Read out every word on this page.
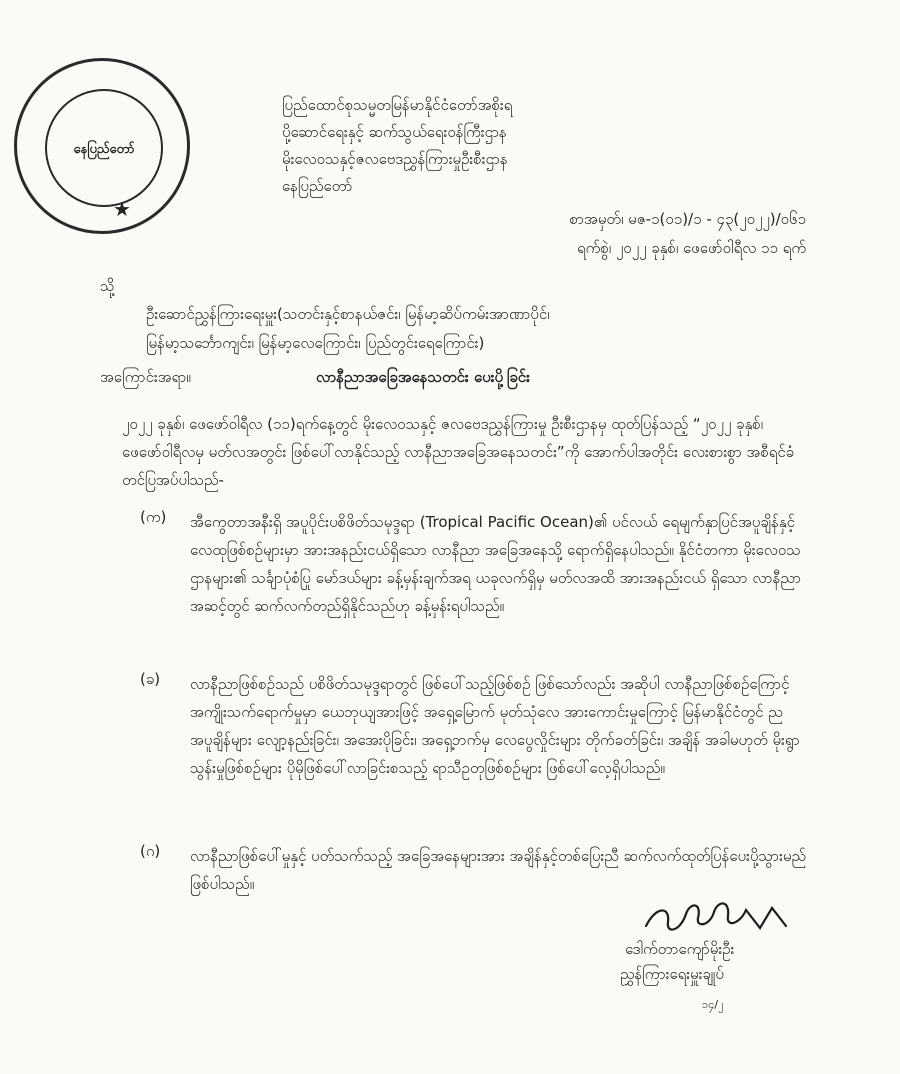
နေပြည်တော်
★
ပြည်ထောင်စုသမ္မတမြန်မာနိုင်ငံတော်အစိုးရ
ပို့ဆောင်ရေးနှင့် ဆက်သွယ်ရေးဝန်ကြီးဌာန
မိုးလေဝသနှင့်ဇလဗေဒညွှန်ကြားမှုဦးစီးဌာန
နေပြည်တော်
စာအမှတ်၊ မဇ-၁(၀၁)/၁ - ၄၃(၂၀၂၂)/၀၆၁
ရက်စွဲ၊ ၂၀၂၂ ခုနှစ်၊ ဖေဖော်ဝါရီလ ၁၁ ရက်
သို့
ဦးဆောင်ညွှန်ကြားရေးမှူး(သတင်းနှင့်စာနယ်ဇင်း၊ မြန်မာ့ဆိပ်ကမ်းအာဏာပိုင်၊
မြန်မာ့သင်္ဘောကျင်း၊ မြန်မာ့လေကြောင်း၊ ပြည်တွင်းရေကြောင်း)
အကြောင်းအရာ။	လာနီညာအခြေအနေသတင်း ပေးပို့ခြင်း

၂၀၂၂ ခုနှစ်၊ ဖေဖော်ဝါရီလ (၁၁)ရက်နေ့တွင် မိုးလေဝသနှင့် ဇလဗေဒညွှန်ကြားမှု ဦးစီးဌာနမှ ထုတ်ပြန်သည့် “၂၀၂၂ ခုနှစ်၊ ဖေဖော်ဝါရီလမှ မတ်လအတွင်း ဖြစ်ပေါ်လာနိုင်သည့် လာနီညာအခြေအနေသတင်း”ကို အောက်ပါအတိုင်း လေးစားစွာ အစီရင်ခံတင်ပြအပ်ပါသည်-

(က) အီကွေတာအနီးရှိ အပူပိုင်းပစိဖိတ်သမုဒ္ဒရာ (Tropical Pacific Ocean)၏ ပင်လယ် ရေမျက်နှာပြင်အပူချိန်နှင့် လေထုဖြစ်စဉ်များမှာ အားအနည်းငယ်ရှိသော လာနီညာ အခြေအနေသို့ ရောက်ရှိနေပါသည်။ နိုင်ငံတကာ မိုးလေဝသဌာနများ၏ သင်္ချာပုံစံပြု မော်ဒယ်များ ခန့်မှန်းချက်အရ ယခုလက်ရှိမှ မတ်လအထိ အားအနည်းငယ် ရှိသော လာနီညာအဆင့်တွင် ဆက်လက်တည်ရှိနိုင်သည်ဟု ခန့်မှန်းရပါသည်။
(ခ) လာနီညာဖြစ်စဉ်သည် ပစိဖိတ်သမုဒ္ဒရာတွင် ဖြစ်ပေါ်သည့်ဖြစ်စဉ် ဖြစ်သော်လည်း အဆိုပါ လာနီညာဖြစ်စဉ်ကြောင့် အကျိုးသက်ရောက်မှုမှာ ယေဘုယျအားဖြင့် အရှေ့မြောက် မုတ်သုံလေ အားကောင်းမှုကြောင့် မြန်မာနိုင်ငံတွင် ညအပူချိန်များ လျော့နည်းခြင်း၊ အအေးပိုခြင်း၊ အရှေ့ဘက်မှ လေပွေလှိုင်းများ တိုက်ခတ်ခြင်း၊ အချိန် အခါမဟုတ် မိုးရွာသွန်းမှုဖြစ်စဉ်များ ပိုမိုဖြစ်ပေါ်လာခြင်းစသည့် ရာသီဥတုဖြစ်စဉ်များ ဖြစ်ပေါ်လေ့ရှိပါသည်။
(ဂ) လာနီညာဖြစ်ပေါ်မှုနှင့် ပတ်သက်သည့် အခြေအနေများအား အချိန်နှင့်တစ်ပြေးညီ ဆက်လက်ထုတ်ပြန်ပေးပို့သွားမည် ဖြစ်ပါသည်။
ဒေါက်တာကျော်မိုးဦး
ညွှန်ကြားရေးမှူးချုပ်
၁၄/၂
